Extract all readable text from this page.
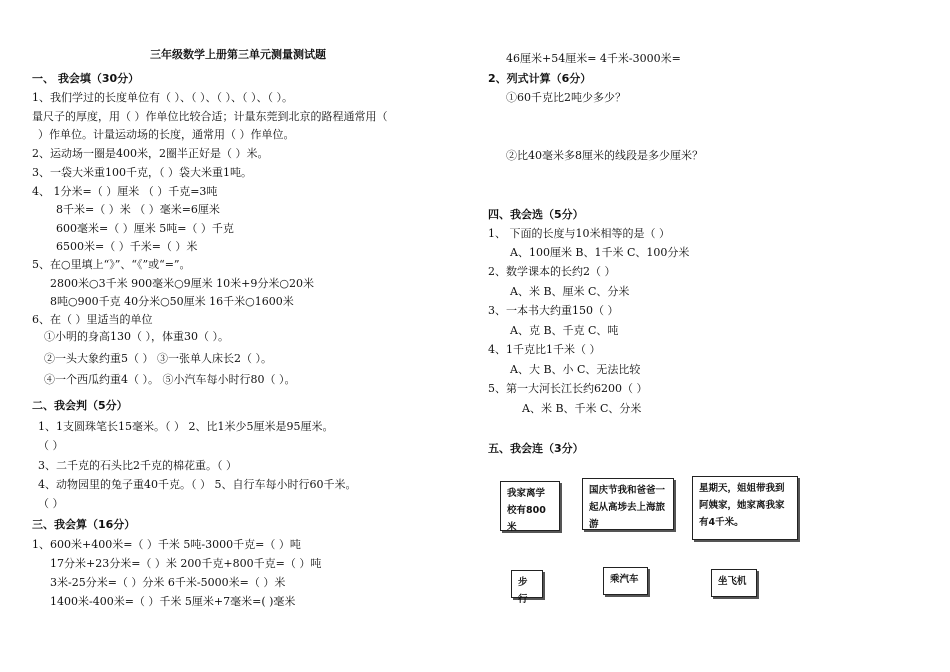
三年级数学上册第三单元测量测试题
一、 我会填（30分）
1、我们学过的长度单位有（ ）、（ ）、（ ）、（ ）、（ ）。
量尺子的厚度，用（ ）作单位比较合适；计量东莞到北京的路程通常用（
）作单位。计量运动场的长度，通常用（ ）作单位。
2、运动场一圈是400米，2圈半正好是（ ）米。
3、一袋大米重100千克，（ ）袋大米重1吨。
4、 1分米=（ ）厘米 （ ）千克=3吨
8千米=（ ）米 （ ）毫米=6厘米
600毫米=（ ）厘米 5吨=（ ）千克
6500米=（ ）千米=（ ）米
5、在○里填上“》”、“《”或“=”。
2800米○3千米 900毫米○9厘米 10米+9分米○20米
8吨○900千克 40分米○50厘米 16千米○1600米
6、在（ ）里适当的单位
①小明的身高130（ ），体重30（ ）。
②一头大象约重5（ ） ③一张单人床长2（ ）。
④一个西瓜约重4（ ）。 ⑤小汽车每小时行80（ ）。
二、我会判（5分）
1、1支圆珠笔长15毫米。（ ） 2、比1米少5厘米是95厘米。
（ ）
3、二千克的石头比2千克的棉花重。（ ）
4、动物园里的兔子重40千克。（ ） 5、自行车每小时行60千米。
（ ）
三、我会算（16分）
1、600米+400米=（ ）千米 5吨-3000千克=（ ）吨
17分米+23分米=（ ）米 200千克+800千克=（ ）吨
3米-25分米=（ ）分米 6千米-5000米=（ ）米
1400米-400米=（ ）千米 5厘米+7毫米=( )毫米
46厘米+54厘米= 4千米-3000米=
2、列式计算（6分）
①60千克比2吨少多少？
②比40毫米多8厘米的线段是多少厘米？
四、我会选（5分）
1、 下面的长度与10米相等的是（ ）
A、100厘米 B、1千米 C、100分米
2、数学课本的长约2（ ）
A、米 B、厘米 C、分米
3、一本书大约重150（ ）
A、克 B、千克 C、吨
4、1千克比1千米（ ）
A、大 B、小 C、无法比较
5、第一大河长江长约6200（ ）
A、米 B、千米 C、分米
五、我会连（3分）
我家离学校有800米
国庆节我和爸爸一起从高埗去上海旅游
星期天，姐姐带我到阿姨家，她家离我家有4千米。
步行
乘汽车	坐飞机
